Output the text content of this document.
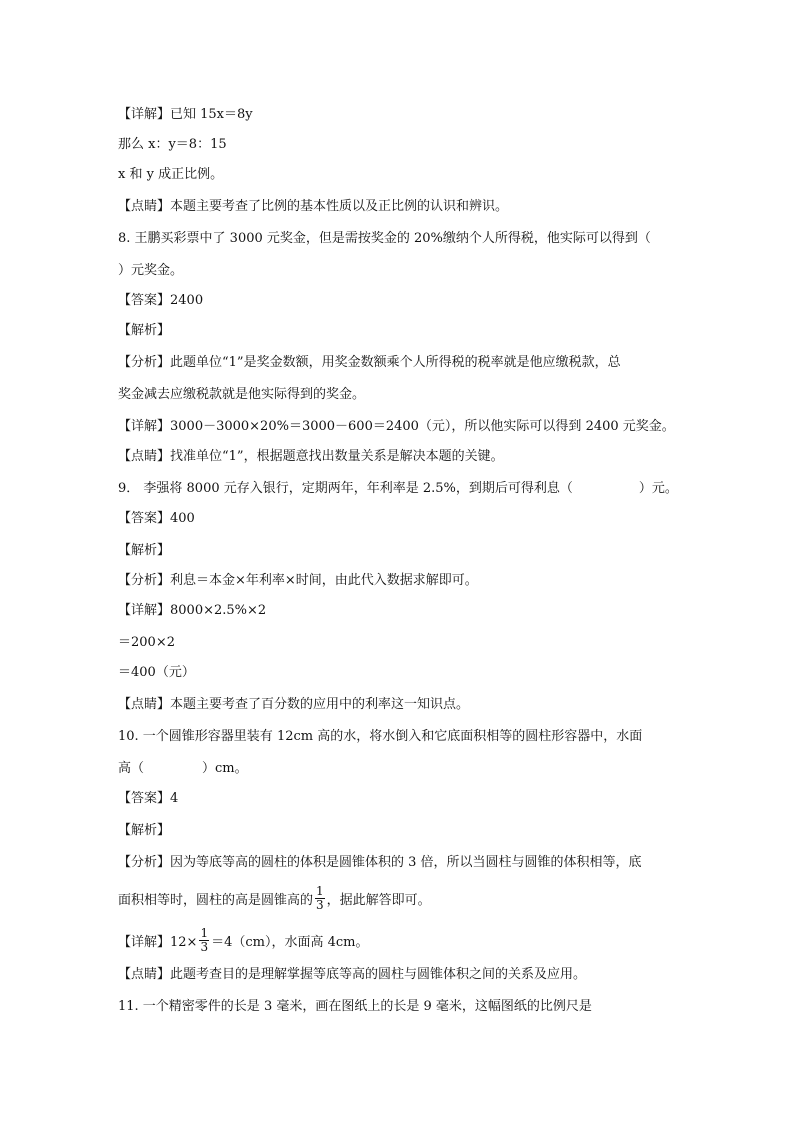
【详解】已知 15x＝8y
那么 x：y＝8：15
x 和 y 成正比例。
【点睛】本题主要考查了比例的基本性质以及正比例的认识和辨识。
8. 王鹏买彩票中了 3000 元奖金，但是需按奖金的 20%缴纳个人所得税，他实际可以得到（
）元奖金。
【答案】2400
【解析】
【分析】此题单位“1”是奖金数额，用奖金数额乘个人所得税的税率就是他应缴税款，总
奖金减去应缴税款就是他实际得到的奖金。
【详解】3000－3000×20%＝3000－600＝2400（元），所以他实际可以得到 2400 元奖金。
【点睛】找准单位“1”，根据题意找出数量关系是解决本题的关键。
9． 李强将 8000 元存入银行，定期两年，年利率是 2.5%，到期后可得利息（	）元。
【答案】400
【解析】
【分析】利息＝本金×年利率×时间，由此代入数据求解即可。
【详解】8000×2.5%×2
＝200×2
＝400（元）
【点睛】本题主要考查了百分数的应用中的利率这一知识点。
10. 一个圆锥形容器里装有 12cm 高的水，将水倒入和它底面积相等的圆柱形容器中，水面
高（	）cm。
【答案】4
【解析】
【分析】因为等底等高的圆柱的体积是圆锥体积的 3 倍，所以当圆柱与圆锥的体积相等，底
面积相等时，圆柱的高是圆锥高的 $\frac{1}{3}$ ，据此解答即可。
【详解】$12\times \frac{1}{3} =4(cm)$，水面高 4cm。
【点睛】此题考查目的是理解掌握等底等高的圆柱与圆锥体积之间的关系及应用。
11. 一个精密零件的长是 3 毫米，画在图纸上的长是 9 毫米，这幅图纸的比例尺是
